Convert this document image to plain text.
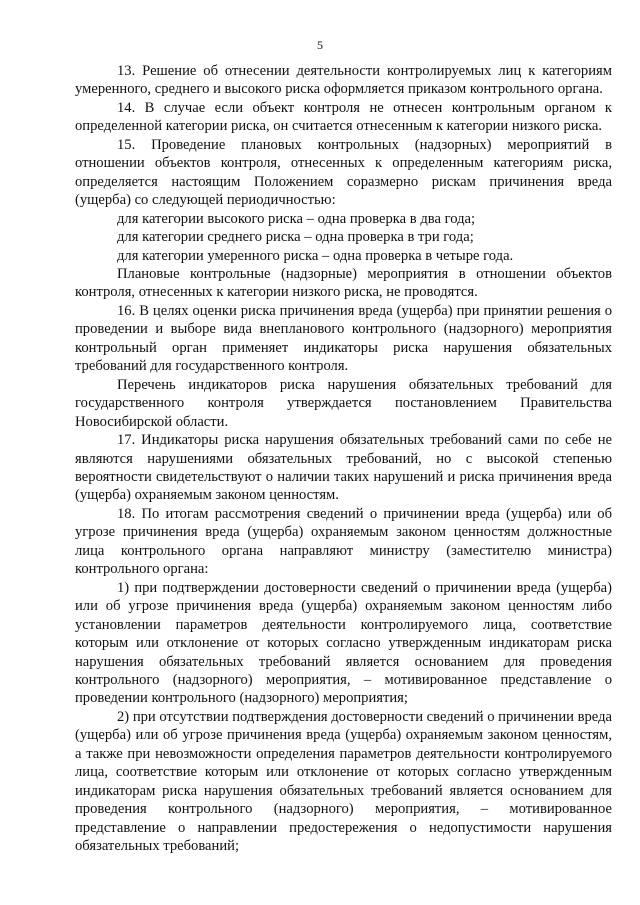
5

13. Решение об отнесении деятельности контролируемых лиц к категориям умеренного, среднего и высокого риска оформляется приказом контрольного органа.

14. В случае если объект контроля не отнесен контрольным органом к определенной категории риска, он считается отнесенным к категории низкого риска.

15. Проведение плановых контрольных (надзорных) мероприятий в отношении объектов контроля, отнесенных к определенным категориям риска, определяется настоящим Положением соразмерно рискам причинения вреда (ущерба) со следующей периодичностью:

для категории высокого риска – одна проверка в два года;

для категории среднего риска – одна проверка в три года;

для категории умеренного риска – одна проверка в четыре года.

Плановые контрольные (надзорные) мероприятия в отношении объектов контроля, отнесенных к категории низкого риска, не проводятся.

16. В целях оценки риска причинения вреда (ущерба) при принятии решения о проведении и выборе вида внепланового контрольного (надзорного) мероприятия контрольный орган применяет индикаторы риска нарушения обязательных требований для государственного контроля.

Перечень индикаторов риска нарушения обязательных требований для государственного контроля утверждается постановлением Правительства Новосибирской области.

17. Индикаторы риска нарушения обязательных требований сами по себе не являются нарушениями обязательных требований, но с высокой степенью вероятности свидетельствуют о наличии таких нарушений и риска причинения вреда (ущерба) охраняемым законом ценностям.

18. По итогам рассмотрения сведений о причинении вреда (ущерба) или об угрозе причинения вреда (ущерба) охраняемым законом ценностям должностные лица контрольного органа направляют министру (заместителю министра) контрольного органа:

1) при подтверждении достоверности сведений о причинении вреда (ущерба) или об угрозе причинения вреда (ущерба) охраняемым законом ценностям либо установлении параметров деятельности контролируемого лица, соответствие которым или отклонение от которых согласно утвержденным индикаторам риска нарушения обязательных требований является основанием для проведения контрольного (надзорного) мероприятия, – мотивированное представление о проведении контрольного (надзорного) мероприятия;

2) при отсутствии подтверждения достоверности сведений о причинении вреда (ущерба) или об угрозе причинения вреда (ущерба) охраняемым законом ценностям, а также при невозможности определения параметров деятельности контролируемого лица, соответствие которым или отклонение от которых согласно утвержденным индикаторам риска нарушения обязательных требований является основанием для проведения контрольного (надзорного) мероприятия, – мотивированное представление о направлении предостережения о недопустимости нарушения обязательных требований;
